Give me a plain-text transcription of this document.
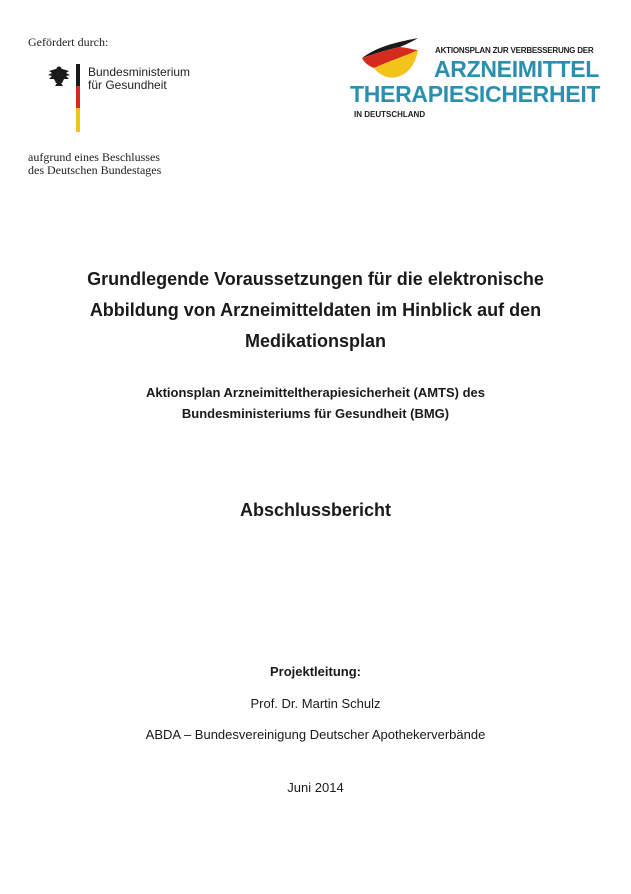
Gefördert durch:
Bundesministerium
für Gesundheit
aufgrund eines Beschlusses
des Deutschen Bundestages
AKTIONSPLAN ZUR VERBESSERUNG DER
ARZNEIMITTEL
THERAPIESICHERHEIT
IN DEUTSCHLAND
Grundlegende Voraussetzungen für die elektronische
Abbildung von Arzneimitteldaten im Hinblick auf den
Medikationsplan
Aktionsplan Arzneimitteltherapiesicherheit (AMTS) des
Bundesministeriums für Gesundheit (BMG)
Abschlussbericht
Projektleitung:
Prof. Dr. Martin Schulz
ABDA – Bundesvereinigung Deutscher Apothekerverbände
Juni 2014
